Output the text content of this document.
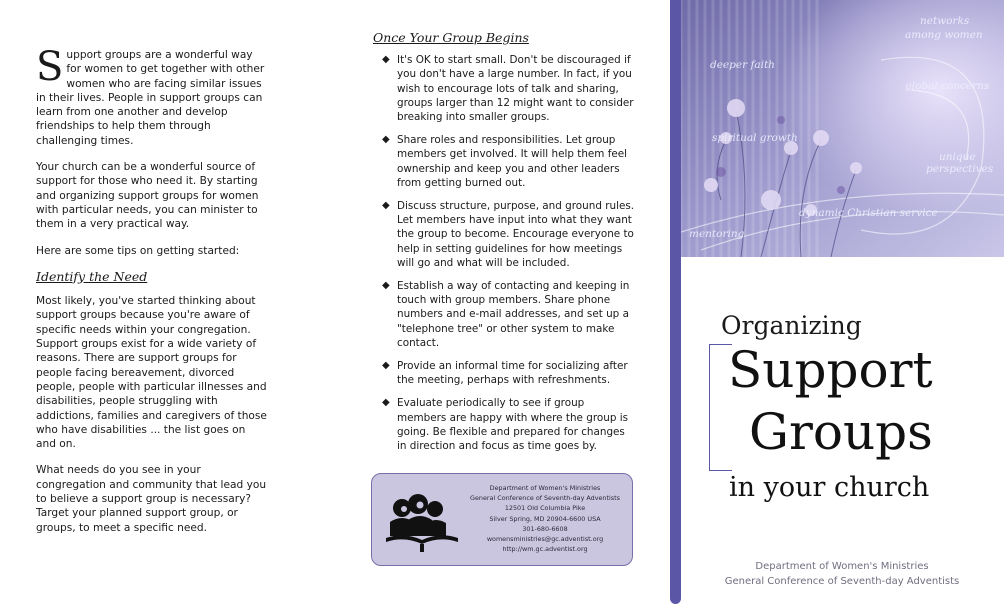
Support groups are a wonderful way for women to get together with other women who are facing similar issues in their lives. People in support groups can learn from one another and develop friendships to help them through challenging times.

Your church can be a wonderful source of support for those who need it. By starting and organizing support groups for women with particular needs, you can minister to them in a very practical way.

Here are some tips on getting started:

Identify the Need

Most likely, you've started thinking about support groups because you're aware of specific needs within your congregation. Support groups exist for a wide variety of reasons. There are support groups for people facing bereavement, divorced people, people with particular illnesses and disabilities, people struggling with addictions, families and caregivers of those who have disabilities ... the list goes on and on.

What needs do you see in your congregation and community that lead you to believe a support group is necessary? Target your planned support group, or groups, to meet a specific need.

Once Your Group Begins
◆ It's OK to start small. Don't be discouraged if you don't have a large number. In fact, if you wish to encourage lots of talk and sharing, groups larger than 12 might want to consider breaking into smaller groups.
◆ Share roles and responsibilities. Let group members get involved. It will help them feel ownership and keep you and other leaders from getting burned out.
◆ Discuss structure, purpose, and ground rules. Let members have input into what they want the group to become. Encourage everyone to help in setting guidelines for how meetings will go and what will be included.
◆ Establish a way of contacting and keeping in touch with group members. Share phone numbers and e-mail addresses, and set up a "telephone tree" or other system to make contact.
◆ Provide an informal time for socializing after the meeting, perhaps with refreshments.
◆ Evaluate periodically to see if group members are happy with where the group is going. Be flexible and prepared for changes in direction and focus as time goes by.
Department of Women's Ministries
General Conference of Seventh-day Adventists
12501 Old Columbia Pike
Silver Spring, MD 20904-6600 USA
301-680-6608
womensministries@gc.adventist.org
http://wm.gc.adventist.org
networks
among women
deeper faith
global concerns
spiritual growth
unique
perspectives
dynamic Christian service
mentoring
Organizing
Support
Groups
in your church
Department of Women's Ministries
General Conference of Seventh-day Adventists
